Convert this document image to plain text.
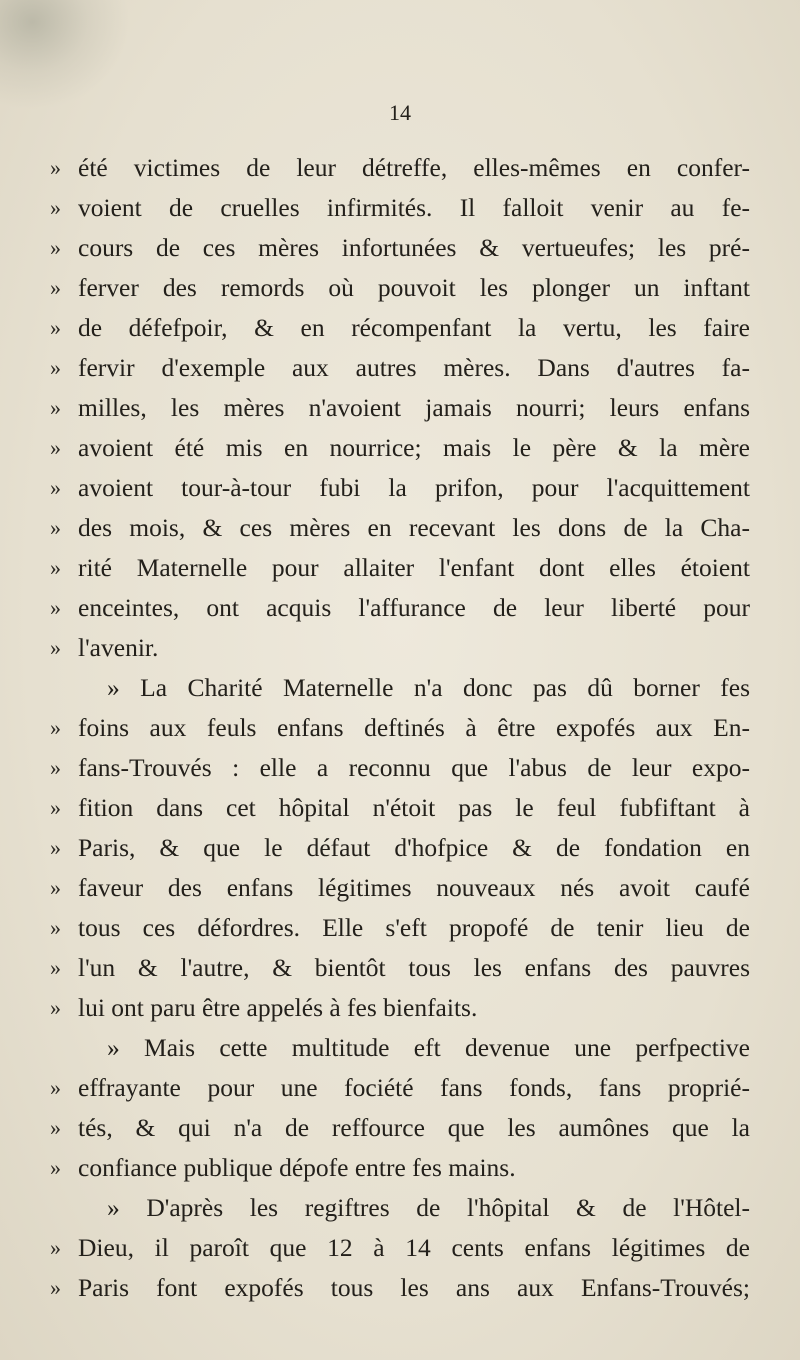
14
» été victimes de leur détreffe, elles-mêmes en confer-
» voient de cruelles infirmités. Il falloit venir au fe-
» cours de ces mères infortunées & vertueufes; les pré-
» ferver des remords où pouvoit les plonger un inftant
» de défefpoir, & en récompenfant la vertu, les faire
» fervir d'exemple aux autres mères. Dans d'autres fa-
» milles, les mères n'avoient jamais nourri; leurs enfans
» avoient été mis en nourrice; mais le père & la mère
» avoient tour-à-tour fubi la prifon, pour l'acquittement
» des mois, & ces mères en recevant les dons de la Cha-
» rité Maternelle pour allaiter l'enfant dont elles étoient
» enceintes, ont acquis l'affurance de leur liberté pour
» l'avenir.
» La Charité Maternelle n'a donc pas dû borner fes
» foins aux feuls enfans deftinés à être expofés aux En-
» fans-Trouvés : elle a reconnu que l'abus de leur expo-
» fition dans cet hôpital n'étoit pas le feul fubfiftant à
» Paris, & que le défaut d'hofpice & de fondation en
» faveur des enfans légitimes nouveaux nés avoit caufé
» tous ces défordres. Elle s'eft propofé de tenir lieu de
» l'un & l'autre, & bientôt tous les enfans des pauvres
» lui ont paru être appelés à fes bienfaits.
» Mais cette multitude eft devenue une perfpective
» effrayante pour une fociété fans fonds, fans proprié-
» tés, & qui n'a de reffource que les aumônes que la
» confiance publique dépofe entre fes mains.
» D'après les regiftres de l'hôpital & de l'Hôtel-
» Dieu, il paroît que 12 à 14 cents enfans légitimes de
» Paris font expofés tous les ans aux Enfans-Trouvés;
